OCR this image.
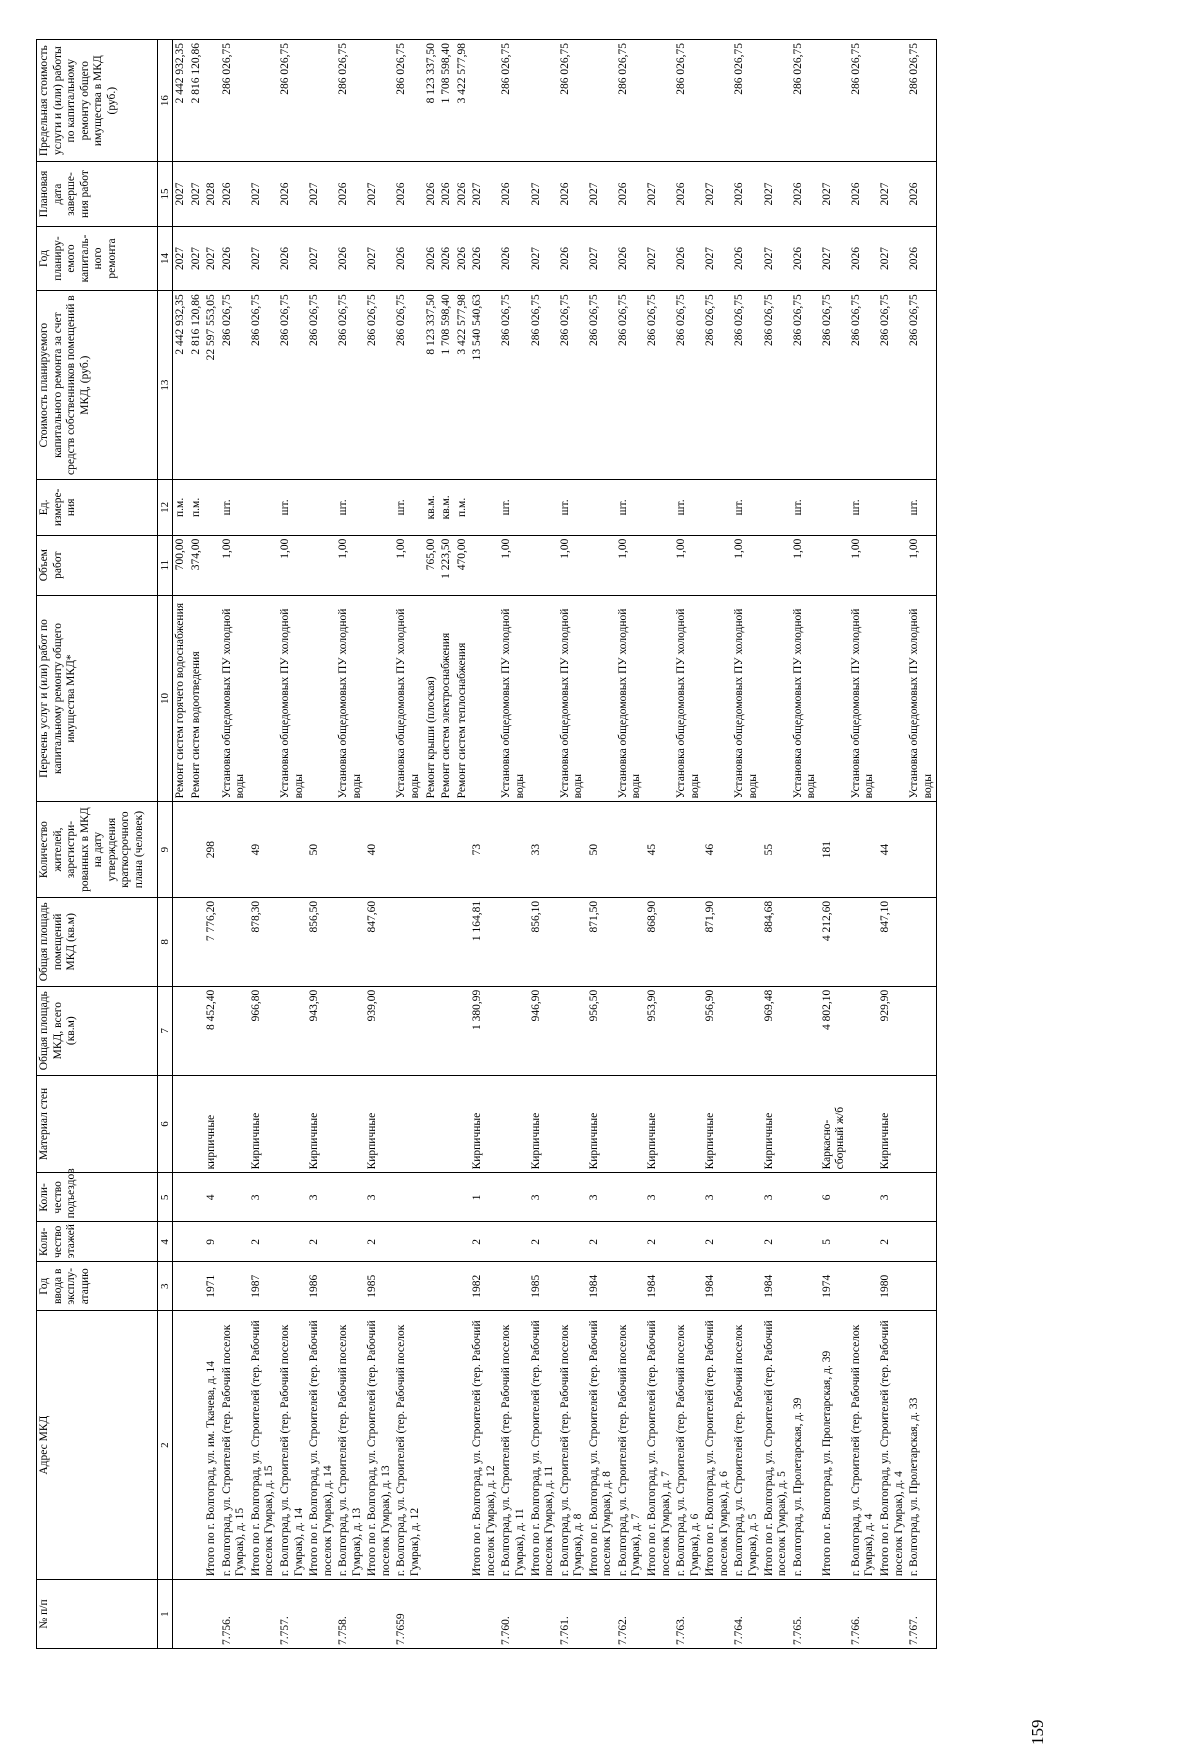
159
№ п/п	Адрес МКД	Год ввода в эксплу-атацию	Коли-чество этажей	Коли-чество подъездов	Материал стен	Общая площадь МКД, всего (кв.м)	Общая площадь помещений МКД (кв.м)	Количество жителей, зарегистри-рованных в МКД на дату утверждения краткосрочного плана (человек)	Перечень услуг и (или) работ по капитальному ремонту общего имущества МКД*	Объем работ	Ед. измере-ния	Стоимость планируемого капитального ремонта за счет средств собственников помещений в МКД, (руб.)	Год планиру-емого капиталь-ного ремонта	Плановая дата заверше-ния работ	Предельная стоимость услуги и (или) работы по капитальному ремонту общего имущества в МКД (руб.)
1	2	3	4	5	6	7	8	9	10	11	12	13	14	15	16
									Ремонт систем горячего водоснабжения	700,00	п.м.	2 442 932,35	2027	2027	2 442 932,35
									Ремонт систем водоотведения	374,00	п.м.	2 816 120,86	2027	2027	2 816 120,86
	Итого по г. Волгоград, ул. им. Ткачева, д. 14	1971	9	4	кирпичные	8 452,40	7 776,20	298				22 597 553,05	2027	2028	
7.756.	г. Волгоград, ул. Строителей (тер. Рабочий поселок Гумрак), д. 15								Установка общедомовых ПУ холодной воды	1,00	шт.	286 026,75	2026	2026	286 026,75
	Итого по г. Волгоград, ул. Строителей (тер. Рабочий поселок Гумрак), д. 15	1987	2	3	Кирпичные	966,80	878,30	49				286 026,75	2027	2027	
7.757.	г. Волгоград, ул. Строителей (тер. Рабочий поселок Гумрак), д. 14								Установка общедомовых ПУ холодной воды	1,00	шт.	286 026,75	2026	2026	286 026,75
	Итого по г. Волгоград, ул. Строителей (тер. Рабочий поселок Гумрак), д. 14	1986	2	3	Кирпичные	943,90	856,50	50				286 026,75	2027	2027	
7.758.	г. Волгоград, ул. Строителей (тер. Рабочий поселок Гумрак), д. 13								Установка общедомовых ПУ холодной воды	1,00	шт.	286 026,75	2026	2026	286 026,75
	Итого по г. Волгоград, ул. Строителей (тер. Рабочий поселок Гумрак), д. 13	1985	2	3	Кирпичные	939,00	847,60	40				286 026,75	2027	2027	
7.7659	г. Волгоград, ул. Строителей (тер. Рабочий поселок Гумрак), д. 12								Установка общедомовых ПУ холодной воды	1,00	шт.	286 026,75	2026	2026	286 026,75
									Ремонт крыши (плоская)	765,00	кв.м.	8 123 337,50	2026	2026	8 123 337,50
									Ремонт систем электроснабжения	1 223,50	кв.м.	1 708 598,40	2026	2026	1 708 598,40
									Ремонт систем теплоснабжения	470,00	п.м.	3 422 577,98	2026	2026	3 422 577,98
	Итого по г. Волгоград, ул. Строителей (тер. Рабочий поселок Гумрак), д. 12	1982	2	1	Кирпичные	1 380,99	1 164,81	73				13 540 540,63	2026	2027	
7.760.	г. Волгоград, ул. Строителей (тер. Рабочий поселок Гумрак), д. 11								Установка общедомовых ПУ холодной воды	1,00	шт.	286 026,75	2026	2026	286 026,75
	Итого по г. Волгоград, ул. Строителей (тер. Рабочий поселок Гумрак), д. 11	1985	2	3	Кирпичные	946,90	856,10	33				286 026,75	2027	2027	
7.761.	г. Волгоград, ул. Строителей (тер. Рабочий поселок Гумрак), д. 8								Установка общедомовых ПУ холодной воды	1,00	шт.	286 026,75	2026	2026	286 026,75
	Итого по г. Волгоград, ул. Строителей (тер. Рабочий поселок Гумрак), д. 8	1984	2	3	Кирпичные	956,50	871,50	50				286 026,75	2027	2027	
7.762.	г. Волгоград, ул. Строителей (тер. Рабочий поселок Гумрак), д. 7								Установка общедомовых ПУ холодной воды	1,00	шт.	286 026,75	2026	2026	286 026,75
	Итого по г. Волгоград, ул. Строителей (тер. Рабочий поселок Гумрак), д. 7	1984	2	3	Кирпичные	953,90	868,90	45				286 026,75	2027	2027	
7.763.	г. Волгоград, ул. Строителей (тер. Рабочий поселок Гумрак), д. 6								Установка общедомовых ПУ холодной воды	1,00	шт.	286 026,75	2026	2026	286 026,75
	Итого по г. Волгоград, ул. Строителей (тер. Рабочий поселок Гумрак), д. 6	1984	2	3	Кирпичные	956,90	871,90	46				286 026,75	2027	2027	
7.764.	г. Волгоград, ул. Строителей (тер. Рабочий поселок Гумрак), д. 5								Установка общедомовых ПУ холодной воды	1,00	шт.	286 026,75	2026	2026	286 026,75
	Итого по г. Волгоград, ул. Строителей (тер. Рабочий поселок Гумрак), д. 5	1984	2	3	Кирпичные	969,48	884,68	55				286 026,75	2027	2027	
7.765.	г. Волгоград, ул. Пролетарская, д. 39								Установка общедомовых ПУ холодной воды	1,00	шт.	286 026,75	2026	2026	286 026,75
	Итого по г. Волгоград, ул. Пролетарская, д. 39	1974	5	6	Каркасно-сборный ж/б	4 802,10	4 212,60	181				286 026,75	2027	2027	
7.766.	г. Волгоград, ул. Строителей (тер. Рабочий поселок Гумрак), д. 4								Установка общедомовых ПУ холодной воды	1,00	шт.	286 026,75	2026	2026	286 026,75
	Итого по г. Волгоград, ул. Строителей (тер. Рабочий поселок Гумрак), д. 4	1980	2	3	Кирпичные	929,90	847,10	44				286 026,75	2027	2027	
7.767.	г. Волгоград, ул. Пролетарская, д. 33								Установка общедомовых ПУ холодной воды	1,00	шт.	286 026,75	2026	2026	286 026,75
